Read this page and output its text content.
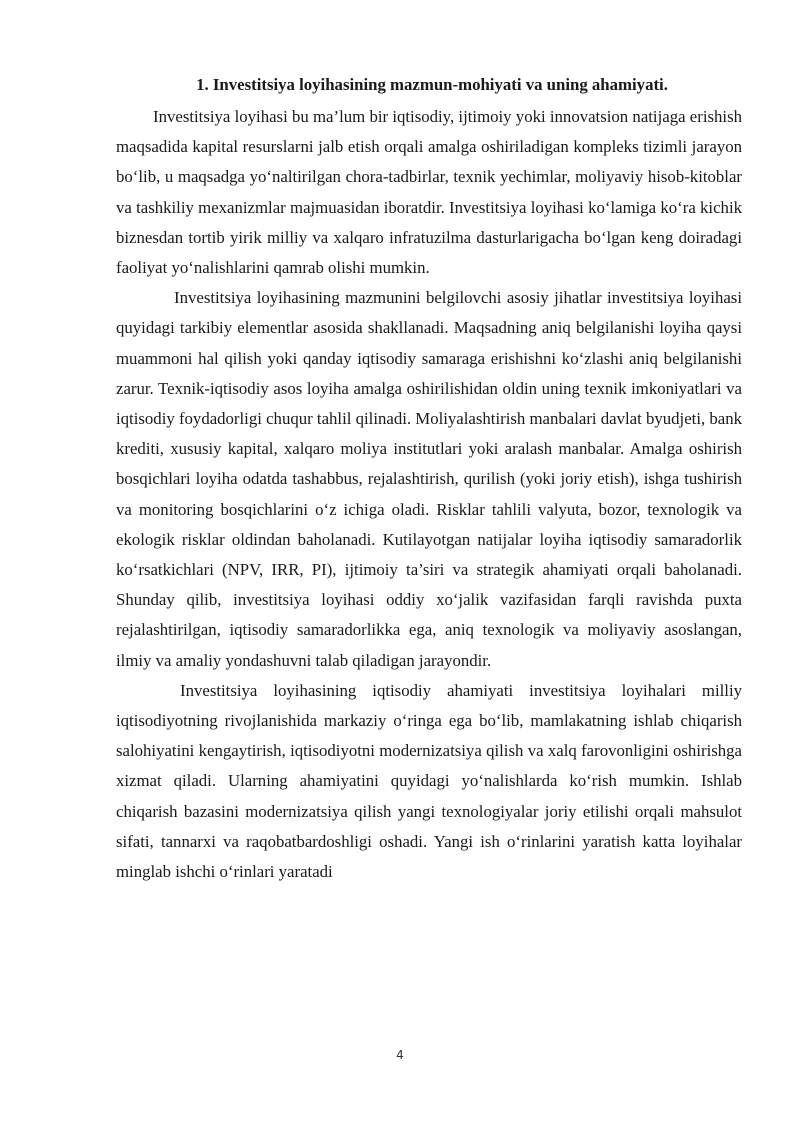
1. Investitsiya loyihasining mazmun-mohiyati va uning ahamiyati.

Investitsiya loyihasi bu ma’lum bir iqtisodiy, ijtimoiy yoki innovatsion natijaga erishish maqsadida kapital resurslarni jalb etish orqali amalga oshiriladigan kompleks tizimli jarayon bo‘lib, u maqsadga yo‘naltirilgan chora-tadbirlar, texnik yechimlar, moliyaviy hisob-kitoblar va tashkiliy mexanizmlar majmuasidan iboratdir. Investitsiya loyihasi ko‘lamiga ko‘ra kichik biznesdan tortib yirik milliy va xalqaro infratuzilma dasturlarigacha bo‘lgan keng doiradagi faoliyat yo‘nalishlarini qamrab olishi mumkin.

Investitsiya loyihasining mazmunini belgilovchi asosiy jihatlar investitsiya loyihasi quyidagi tarkibiy elementlar asosida shakllanadi. Maqsadning aniq belgilanishi loyiha qaysi muammoni hal qilish yoki qanday iqtisodiy samaraga erishishni ko‘zlashi aniq belgilanishi zarur. Texnik-iqtisodiy asos loyiha amalga oshirilishidan oldin uning texnik imkoniyatlari va iqtisodiy foydadorligi chuqur tahlil qilinadi. Moliyalashtirish manbalari davlat byudjeti, bank krediti, xususiy kapital, xalqaro moliya institutlari yoki aralash manbalar. Amalga oshirish bosqichlari loyiha odatda tashabbus, rejalashtirish, qurilish (yoki joriy etish), ishga tushirish va monitoring bosqichlarini o‘z ichiga oladi. Risklar tahlili valyuta, bozor, texnologik va ekologik risklar oldindan baholanadi. Kutilayotgan natijalar loyiha iqtisodiy samaradorlik ko‘rsatkichlari (NPV, IRR, PI), ijtimoiy ta’siri va strategik ahamiyati orqali baholanadi. Shunday qilib, investitsiya loyihasi oddiy xo‘jalik vazifasidan farqli ravishda puxta rejalashtirilgan, iqtisodiy samaradorlikka ega, aniq texnologik va moliyaviy asoslangan, ilmiy va amaliy yondashuvni talab qiladigan jarayondir.

Investitsiya loyihasining iqtisodiy ahamiyati investitsiya loyihalari milliy iqtisodiyotning rivojlanishida markaziy o‘ringa ega bo‘lib, mamlakatning ishlab chiqarish salohiyatini kengaytirish, iqtisodiyotni modernizatsiya qilish va xalq farovonligini oshirishga xizmat qiladi. Ularning ahamiyatini quyidagi yo‘nalishlarda ko‘rish mumkin. Ishlab chiqarish bazasini modernizatsiya qilish yangi texnologiyalar joriy etilishi orqali mahsulot sifati, tannarxi va raqobatbardoshligi oshadi. Yangi ish o‘rinlarini yaratish katta loyihalar minglab ishchi o‘rinlari yaratadi

4
